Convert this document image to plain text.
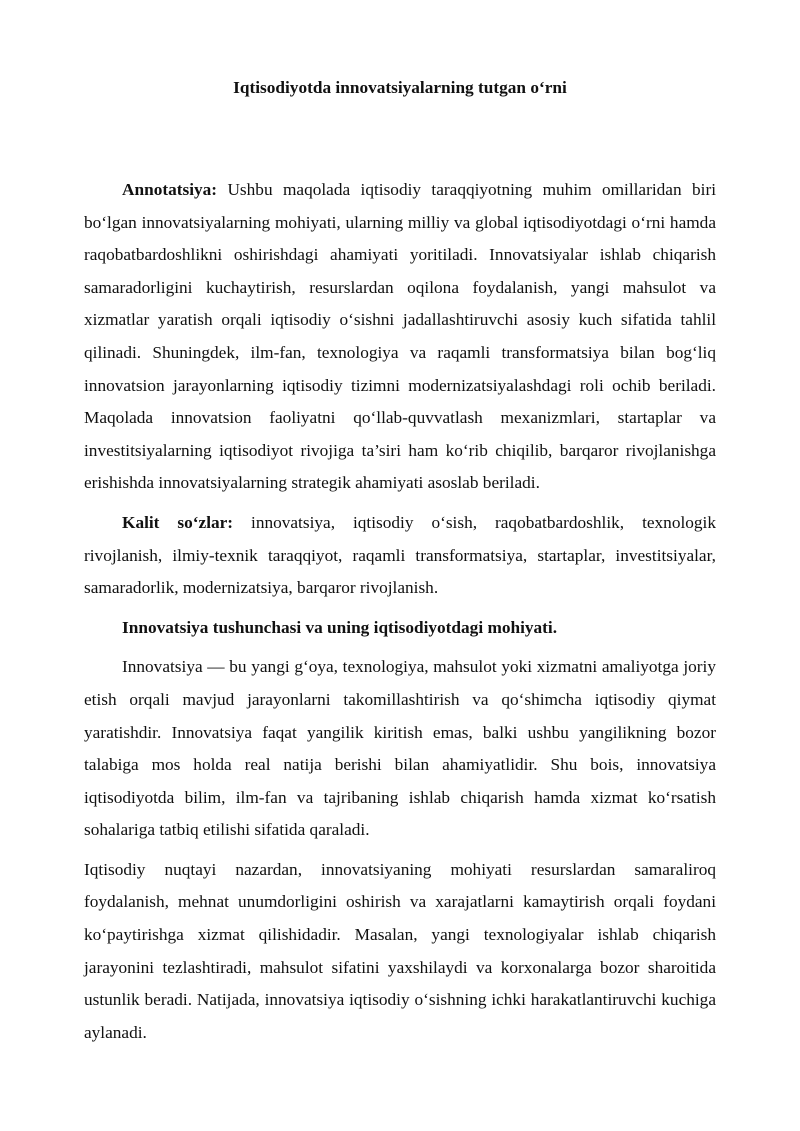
Iqtisodiyotda innovatsiyalarning tutgan o‘rni

Annotatsiya: Ushbu maqolada iqtisodiy taraqqiyotning muhim omillaridan biri bo‘lgan innovatsiyalarning mohiyati, ularning milliy va global iqtisodiyotdagi o‘rni hamda raqobatbardoshlikni oshirishdagi ahamiyati yoritiladi. Innovatsiyalar ishlab chiqarish samaradorligini kuchaytirish, resurslardan oqilona foydalanish, yangi mahsulot va xizmatlar yaratish orqali iqtisodiy o‘sishni jadallashtiruvchi asosiy kuch sifatida tahlil qilinadi. Shuningdek, ilm-fan, texnologiya va raqamli transformatsiya bilan bog‘liq innovatsion jarayonlarning iqtisodiy tizimni modernizatsiyalashdagi roli ochib beriladi. Maqolada innovatsion faoliyatni qo‘llab-quvvatlash mexanizmlari, startaplar va investitsiyalarning iqtisodiyot rivojiga ta’siri ham ko‘rib chiqilib, barqaror rivojlanishga erishishda innovatsiyalarning strategik ahamiyati asoslab beriladi.

Kalit so‘zlar: innovatsiya, iqtisodiy o‘sish, raqobatbardoshlik, texnologik rivojlanish, ilmiy-texnik taraqqiyot, raqamli transformatsiya, startaplar, investitsiyalar, samaradorlik, modernizatsiya, barqaror rivojlanish.

Innovatsiya tushunchasi va uning iqtisodiyotdagi mohiyati.

Innovatsiya — bu yangi g‘oya, texnologiya, mahsulot yoki xizmatni amaliyotga joriy etish orqali mavjud jarayonlarni takomillashtirish va qo‘shimcha iqtisodiy qiymat yaratishdir. Innovatsiya faqat yangilik kiritish emas, balki ushbu yangilikning bozor talabiga mos holda real natija berishi bilan ahamiyatlidir. Shu bois, innovatsiya iqtisodiyotda bilim, ilm-fan va tajribaning ishlab chiqarish hamda xizmat ko‘rsatish sohalariga tatbiq etilishi sifatida qaraladi.

Iqtisodiy nuqtayi nazardan, innovatsiyaning mohiyati resurslardan samaraliroq foydalanish, mehnat unumdorligini oshirish va xarajatlarni kamaytirish orqali foydani ko‘paytirishga xizmat qilishidadir. Masalan, yangi texnologiyalar ishlab chiqarish jarayonini tezlashtiradi, mahsulot sifatini yaxshilaydi va korxonalarga bozor sharoitida ustunlik beradi. Natijada, innovatsiya iqtisodiy o‘sishning ichki harakatlantiruvchi kuchiga aylanadi.
